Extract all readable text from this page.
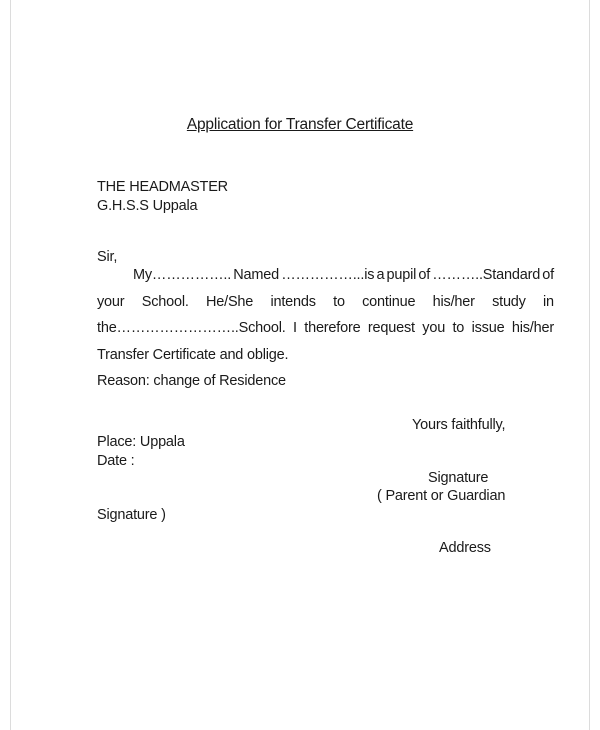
Application for Transfer Certificate
THE HEADMASTER
G.H.S.S Uppala
Sir,
My…………….. Named ……………...is a pupil of ………..Standard of
your School. He/She intends to continue his/her study in
the……………………..School. I therefore request you to issue his/her
Transfer Certificate and oblige.
Reason: change of Residence
Yours faithfully,
Place: Uppala
Date :
Signature
( Parent or Guardian
Signature )
Address
